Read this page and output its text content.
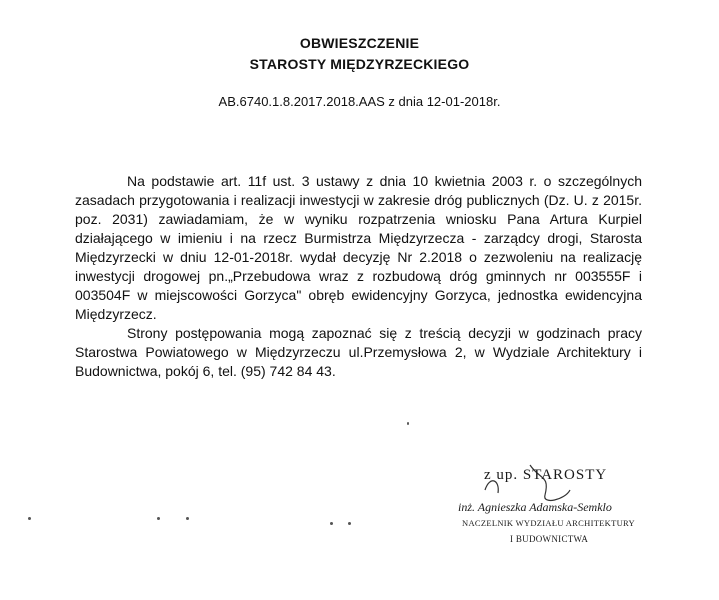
OBWIESZCZENIE
STAROSTY MIĘDZYRZECKIEGO
AB.6740.1.8.2017.2018.AAS z dnia 12-01-2018r.
Na podstawie art. 11f ust. 3 ustawy z dnia 10 kwietnia 2003 r. o szczególnych
zasadach przygotowania i realizacji inwestycji w zakresie dróg publicznych (Dz. U. z 2015r.
poz. 2031) zawiadamiam, że w wyniku rozpatrzenia wniosku Pana Artura Kurpiel
działającego w imieniu i na rzecz Burmistrza Międzyrzecza - zarządcy drogi, Starosta
Międzyrzecki w dniu 12-01-2018r. wydał decyzję Nr 2.2018 o zezwoleniu na realizację
inwestycji drogowej pn.„Przebudowa wraz z rozbudową dróg gminnych nr 003555F i
003504F w miejscowości Gorzyca" obręb ewidencyjny Gorzyca, jednostka ewidencyjna
Międzyrzecz.
Strony postępowania mogą zapoznać się z treścią decyzji w godzinach pracy
Starostwa Powiatowego w Międzyrzeczu ul.Przemysłowa 2, w Wydziale Architektury i
Budownictwa, pokój 6, tel. (95) 742 84 43.
z up. STAROSTY
inż. Agnieszka Adamska-Semklo
NACZELNIK WYDZIAŁU ARCHITEKTURY
I BUDOWNICTWA
